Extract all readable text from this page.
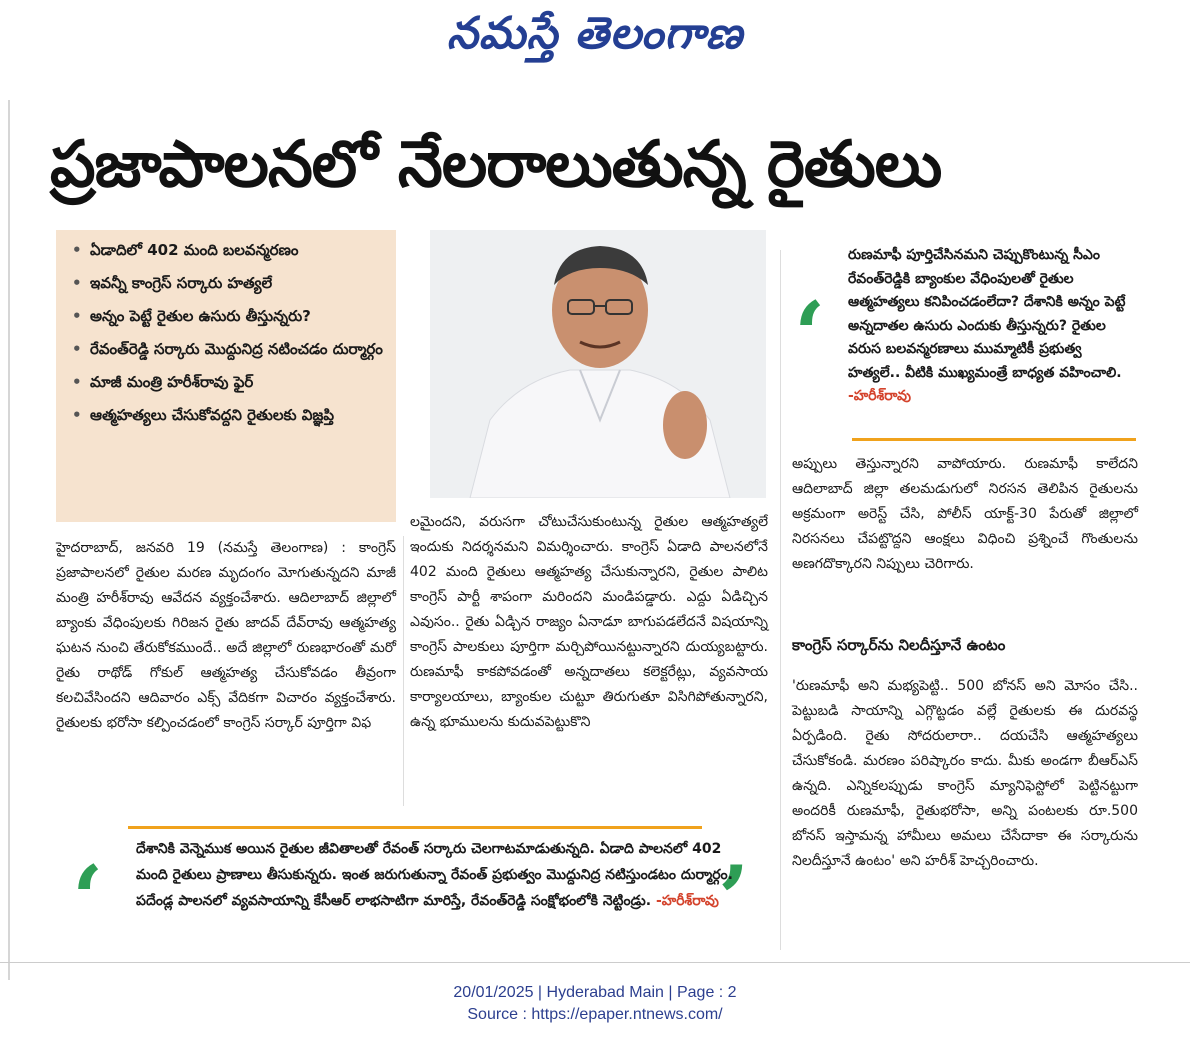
నమస్తే తెలంగాణ
ప్రజాపాలనలో నేలరాలుతున్న రైతులు
• ఏడాదిలో 402 మంది బలవన్మరణం
• ఇవన్నీ కాంగ్రెస్ సర్కారు హత్యలే
• అన్నం పెట్టే రైతుల ఉసురు తీస్తున్నరు?
• రేవంత్‌రెడ్డి సర్కారు మొద్దునిద్ర నటించడం దుర్మార్గం
• మాజీ మంత్రి హరీశ్‌రావు ఫైర్
• ఆత్మహత్యలు చేసుకోవద్దని రైతులకు విజ్ఞప్తి
‘
రుణమాఫీ పూర్తిచేసినమని చెప్పుకొంటున్న సీఎం రేవంత్‌రెడ్డికి బ్యాంకుల వేధింపులతో రైతుల ఆత్మహత్యలు కనిపించడంలేదా? దేశానికి అన్నం పెట్టే అన్నదాతల ఉసురు ఎందుకు తీస్తున్నరు? రైతుల వరుస బలవన్మరణాలు ముమ్మాటికీ ప్రభుత్వ హత్యలే.. వీటికి ముఖ్యమంత్రే బాధ్యత వహించాలి. -హరీశ్‌రావు
హైదరాబాద్, జనవరి 19 (నమస్తే తెలంగాణ) : కాంగ్రెస్ ప్రజాపాలనలో రైతుల మరణ మృదంగం మోగుతున్నదని మాజీ మంత్రి హరీశ్‌రావు ఆవేదన వ్యక్తంచేశారు. ఆదిలాబాద్ జిల్లాలో బ్యాంకు వేధింపులకు గిరిజన రైతు జాదవ్ దేవ్‌రావు ఆత్మహత్య ఘటన నుంచి తేరుకోకముందే.. అదే జిల్లాలో రుణభారంతో మరో రైతు రాథోడ్ గోకుల్ ఆత్మహత్య చేసుకోవడం తీవ్రంగా కలచివేసిందని ఆదివారం ఎక్స్ వేదికగా విచారం వ్యక్తంచేశారు. రైతులకు భరోసా కల్పించడంలో కాంగ్రెస్ సర్కార్ పూర్తిగా విఫ
లమైందని, వరుసగా చోటుచేసుకుంటున్న రైతుల ఆత్మహత్యలే ఇందుకు నిదర్శనమని విమర్శించారు. కాంగ్రెస్ ఏడాది పాలనలోనే 402 మంది రైతులు ఆత్మహత్య చేసుకున్నారని, రైతుల పాలిట కాంగ్రెస్ పార్టీ శాపంగా మరిందని మండిపడ్డారు. ఎద్దు ఏడిచ్చిన ఎవుసం.. రైతు ఏడ్చిన రాజ్యం ఏనాడూ బాగుపడలేదనే విషయాన్ని కాంగ్రెస్ పాలకులు పూర్తిగా మర్చిపోయినట్టున్నారని దుయ్యబట్టారు. రుణమాఫీ కాకపోవడంతో అన్నదాతలు కలెక్టరేట్లు, వ్యవసాయ కార్యాలయాలు, బ్యాంకుల చుట్టూ తిరుగుతూ విసిగిపోతున్నారని, ఉన్న భూములను కుదువపెట్టుకొని
అప్పులు తెస్తున్నారని వాపోయారు. రుణమాఫీ కాలేదని ఆదిలాబాద్ జిల్లా తలమడుగులో నిరసన తెలిపిన రైతులను అక్రమంగా అరెస్ట్ చేసి, పోలీస్ యాక్ట్-30 పేరుతో జిల్లాలో నిరసనలు చేపట్టొద్దని ఆంక్షలు విధించి ప్రశ్నించే గొంతులను అణగదొక్కారని నిప్పులు చెరిగారు.
కాంగ్రెస్ సర్కార్‌ను నిలదీస్తూనే ఉంటం
'రుణమాఫీ అని మభ్యపెట్టి.. 500 బోనస్ అని మోసం చేసి.. పెట్టుబడి సాయాన్ని ఎగ్గొట్టడం వల్లే రైతులకు ఈ దురవస్థ ఏర్పడింది. రైతు సోదరులారా.. దయచేసి ఆత్మహత్యలు చేసుకోకండి. మరణం పరిష్కారం కాదు. మీకు అండగా బీఆర్‌ఎస్ ఉన్నది. ఎన్నికలప్పుడు కాంగ్రెస్ మ్యానిఫెస్టోలో పెట్టినట్టుగా అందరికీ రుణమాఫీ, రైతుభరోసా, అన్ని పంటలకు రూ.500 బోనస్ ఇస్తామన్న హామీలు అమలు చేసేదాకా ఈ సర్కారును నిలదీస్తూనే ఉంటం' అని హరీశ్ హెచ్చరించారు.
‘	’
దేశానికి వెన్నెముక అయిన రైతుల జీవితాలతో రేవంత్ సర్కారు చెలగాటమాడుతున్నది. ఏడాది పాలనలో 402 మంది రైతులు ప్రాణాలు తీసుకున్నరు. ఇంత జరుగుతున్నా రేవంత్ ప్రభుత్వం మొద్దునిద్ర నటిస్తుండటం దుర్మార్గం. పదేండ్ల పాలనలో వ్యవసాయాన్ని కేసీఆర్ లాభసాటిగా మారిస్తే, రేవంత్‌రెడ్డి సంక్షోభంలోకి నెట్టిండ్రు. -హరీశ్‌రావు
20/01/2025 | Hyderabad Main | Page : 2
Source : https://epaper.ntnews.com/
